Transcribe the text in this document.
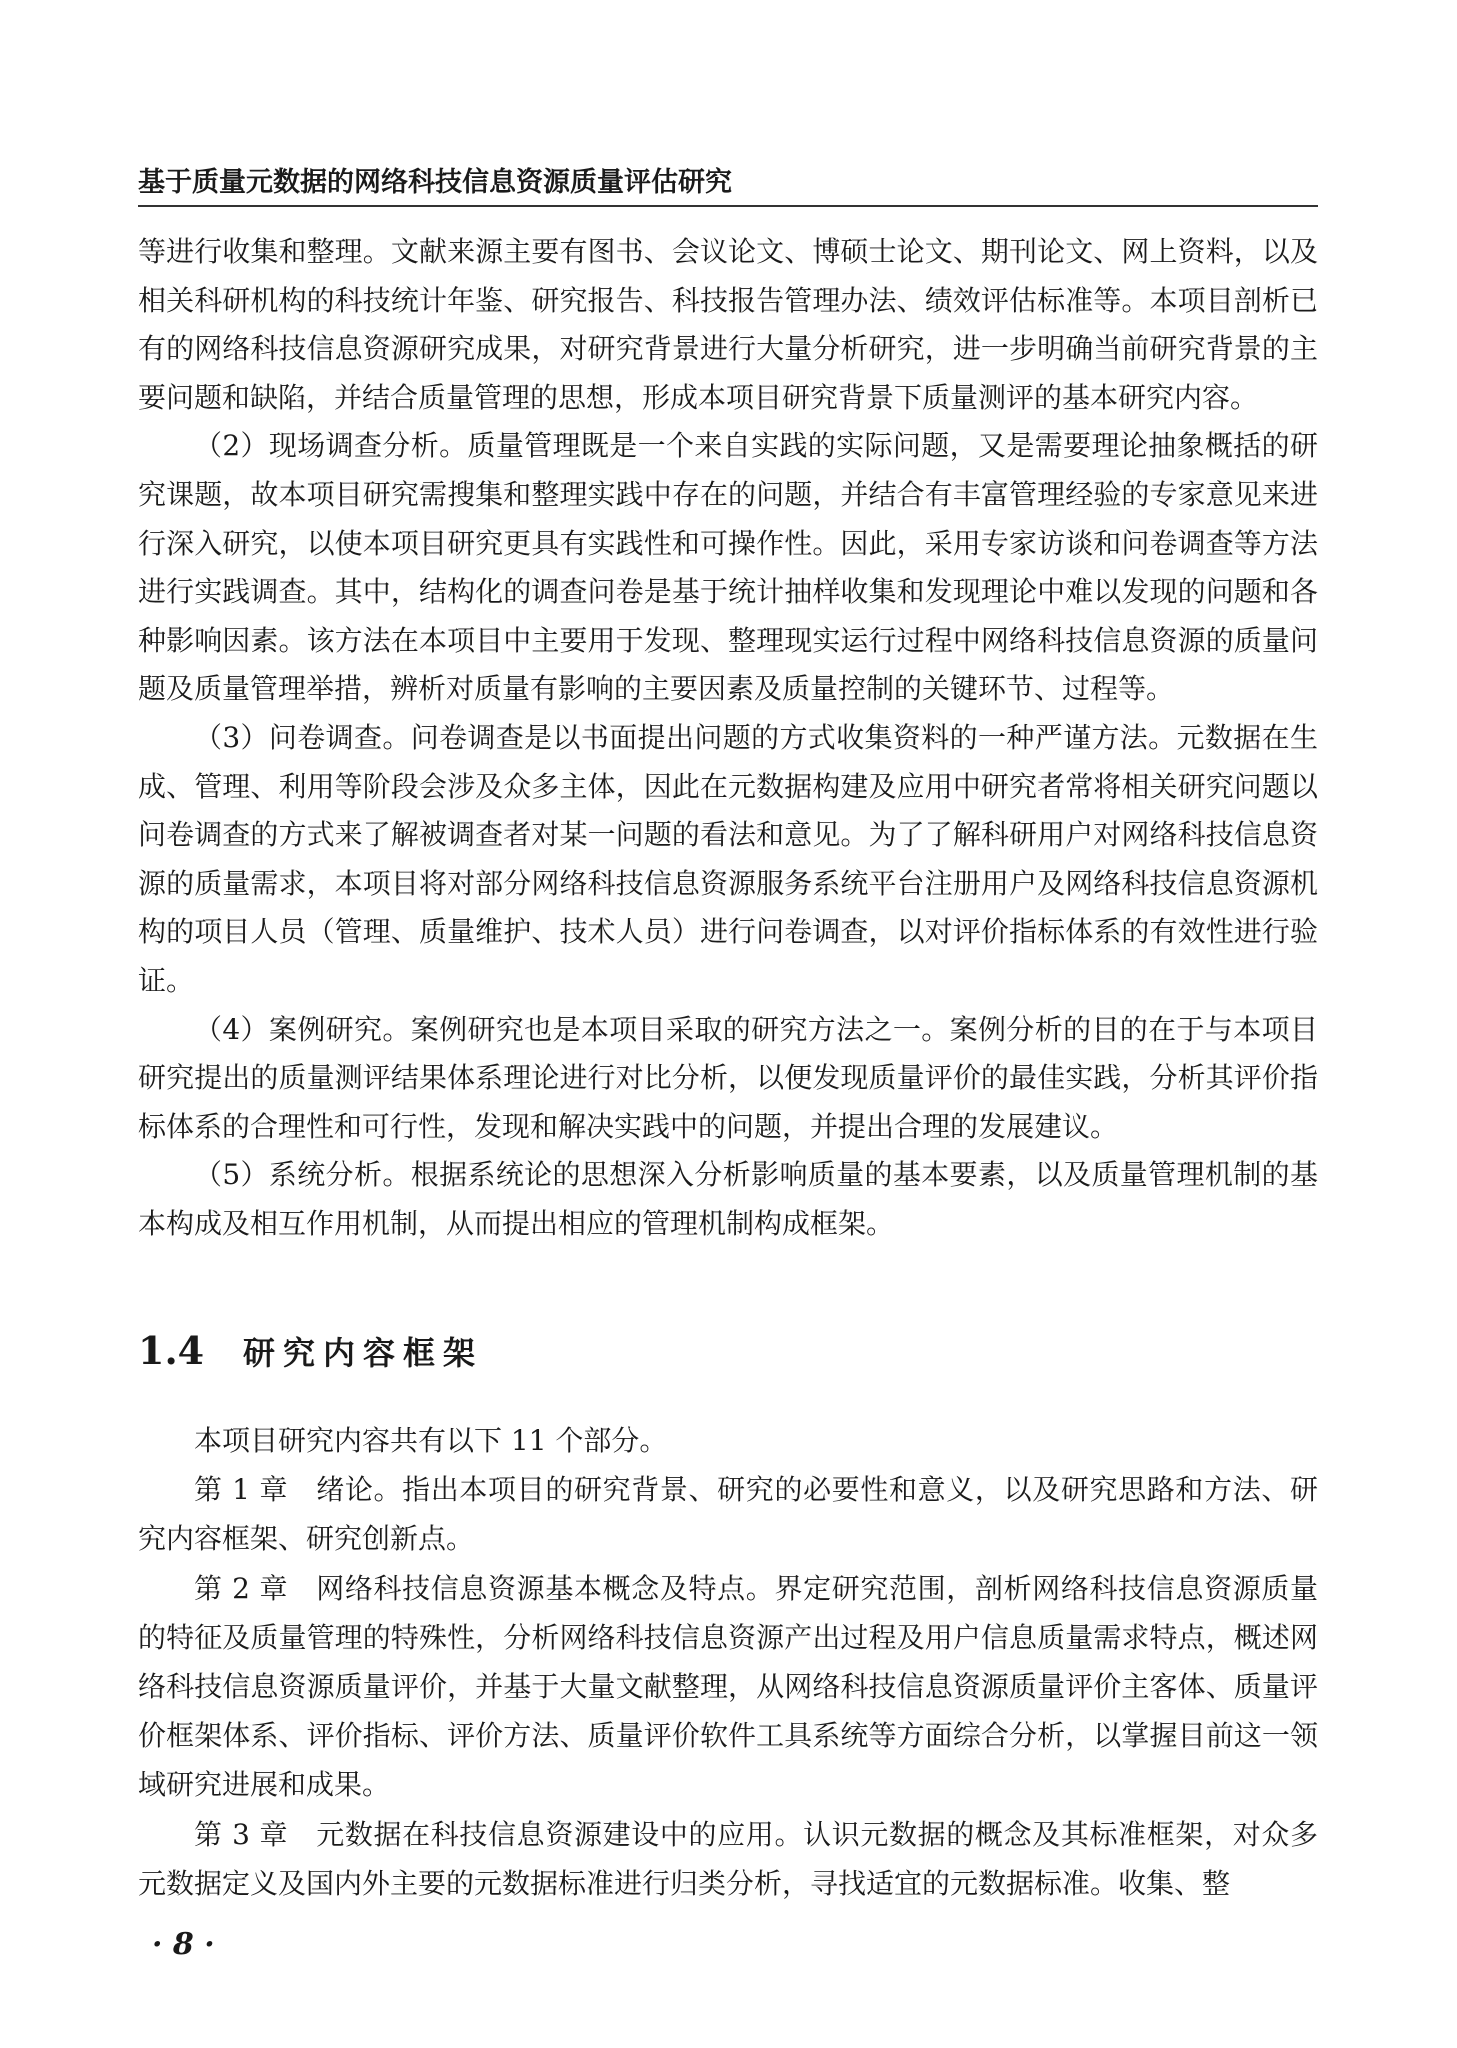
基于质量元数据的网络科技信息资源质量评估研究

等进行收集和整理。文献来源主要有图书、会议论文、博硕士论文、期刊论文、网上资料，以及相关科研机构的科技统计年鉴、研究报告、科技报告管理办法、绩效评估标准等。本项目剖析已有的网络科技信息资源研究成果，对研究背景进行大量分析研究，进一步明确当前研究背景的主要问题和缺陷，并结合质量管理的思想，形成本项目研究背景下质量测评的基本研究内容。

（2）现场调查分析。质量管理既是一个来自实践的实际问题，又是需要理论抽象概括的研究课题，故本项目研究需搜集和整理实践中存在的问题，并结合有丰富管理经验的专家意见来进行深入研究，以使本项目研究更具有实践性和可操作性。因此，采用专家访谈和问卷调查等方法进行实践调查。其中，结构化的调查问卷是基于统计抽样收集和发现理论中难以发现的问题和各种影响因素。该方法在本项目中主要用于发现、整理现实运行过程中网络科技信息资源的质量问题及质量管理举措，辨析对质量有影响的主要因素及质量控制的关键环节、过程等。

（3）问卷调查。问卷调查是以书面提出问题的方式收集资料的一种严谨方法。元数据在生成、管理、利用等阶段会涉及众多主体，因此在元数据构建及应用中研究者常将相关研究问题以问卷调查的方式来了解被调查者对某一问题的看法和意见。为了了解科研用户对网络科技信息资源的质量需求，本项目将对部分网络科技信息资源服务系统平台注册用户及网络科技信息资源机构的项目人员（管理、质量维护、技术人员）进行问卷调查，以对评价指标体系的有效性进行验证。

（4）案例研究。案例研究也是本项目采取的研究方法之一。案例分析的目的在于与本项目研究提出的质量测评结果体系理论进行对比分析，以便发现质量评价的最佳实践，分析其评价指标体系的合理性和可行性，发现和解决实践中的问题，并提出合理的发展建议。

（5）系统分析。根据系统论的思想深入分析影响质量的基本要素，以及质量管理机制的基本构成及相互作用机制，从而提出相应的管理机制构成框架。

1.4 研究内容框架

本项目研究内容共有以下 11 个部分。

第 1 章 绪论。指出本项目的研究背景、研究的必要性和意义，以及研究思路和方法、研究内容框架、研究创新点。

第 2 章 网络科技信息资源基本概念及特点。界定研究范围，剖析网络科技信息资源质量的特征及质量管理的特殊性，分析网络科技信息资源产出过程及用户信息质量需求特点，概述网络科技信息资源质量评价，并基于大量文献整理，从网络科技信息资源质量评价主客体、质量评价框架体系、评价指标、评价方法、质量评价软件工具系统等方面综合分析，以掌握目前这一领域研究进展和成果。

第 3 章 元数据在科技信息资源建设中的应用。认识元数据的概念及其标准框架，对众多元数据定义及国内外主要的元数据标准进行归类分析，寻找适宜的元数据标准。收集、整

· 8 ·
